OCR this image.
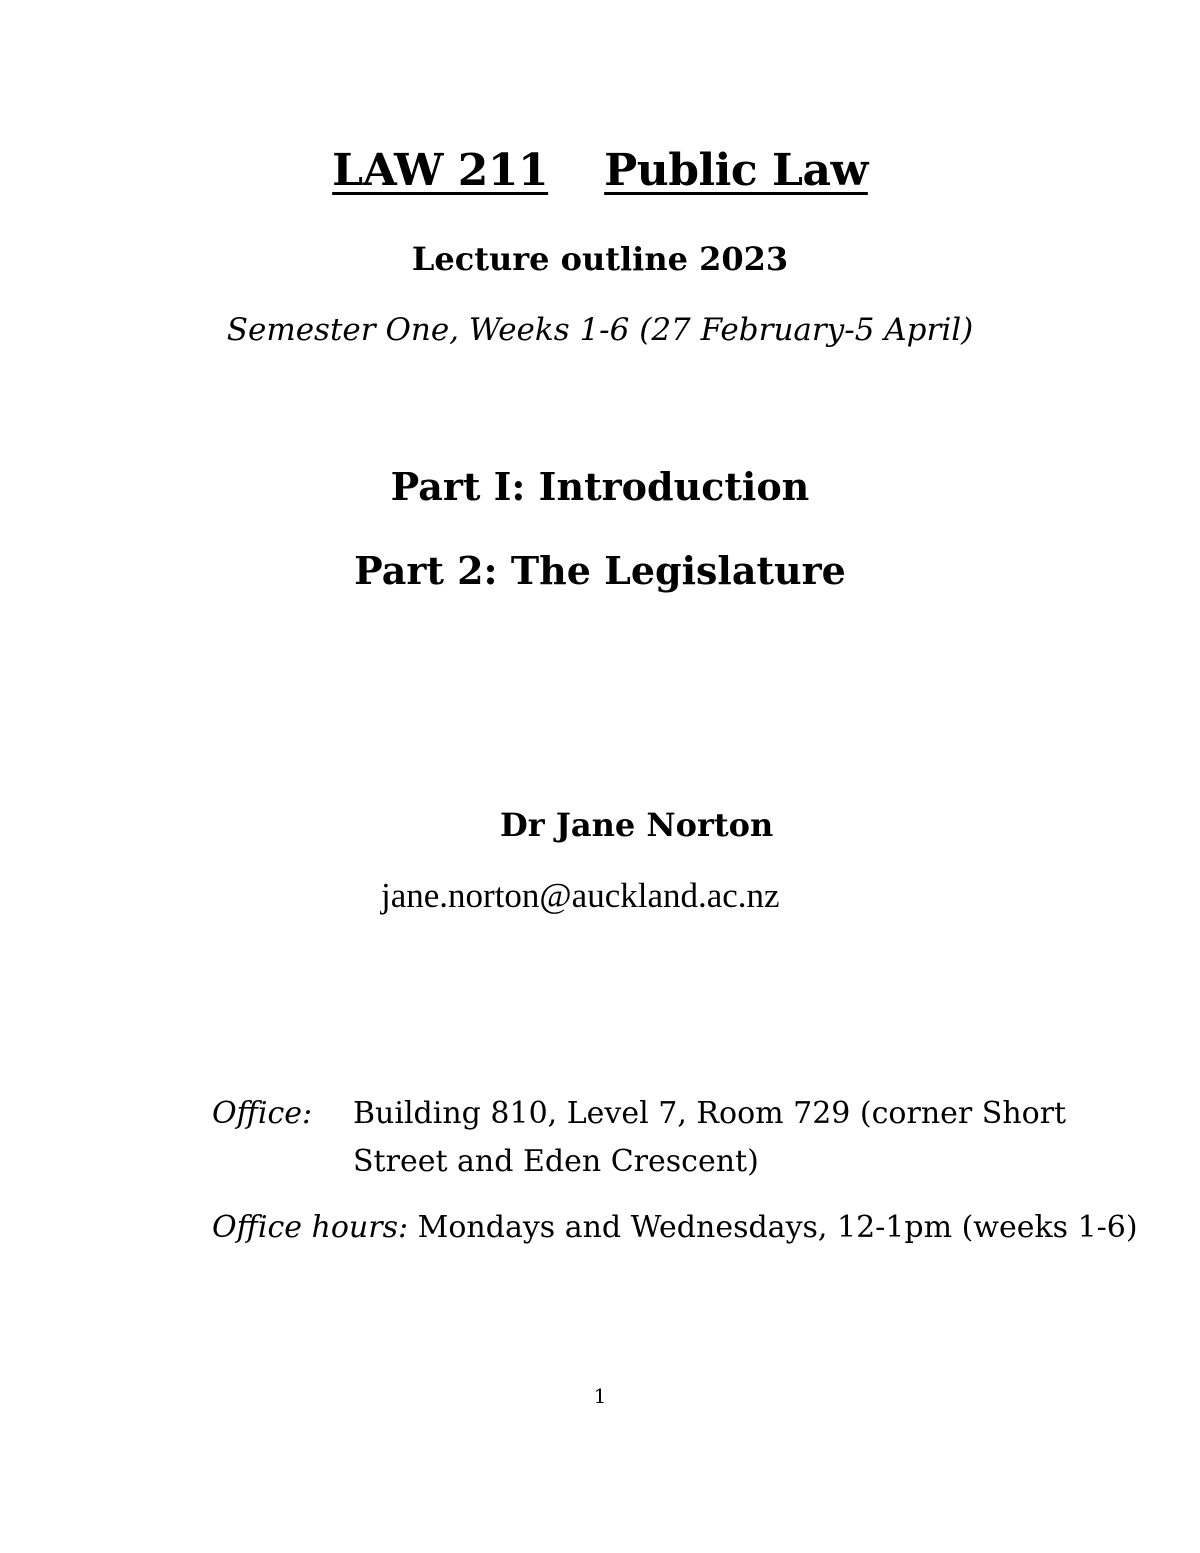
LAW 211 Public Law
Lecture outline 2023
Semester One, Weeks 1-6 (27 February-5 April)
Part I: Introduction
Part 2: The Legislature
Dr Jane Norton
jane.norton@auckland.ac.nz
Office: Building 810, Level 7, Room 729 (corner Short Street and Eden Crescent)
Office hours: Mondays and Wednesdays, 12-1pm (weeks 1-6)
1
